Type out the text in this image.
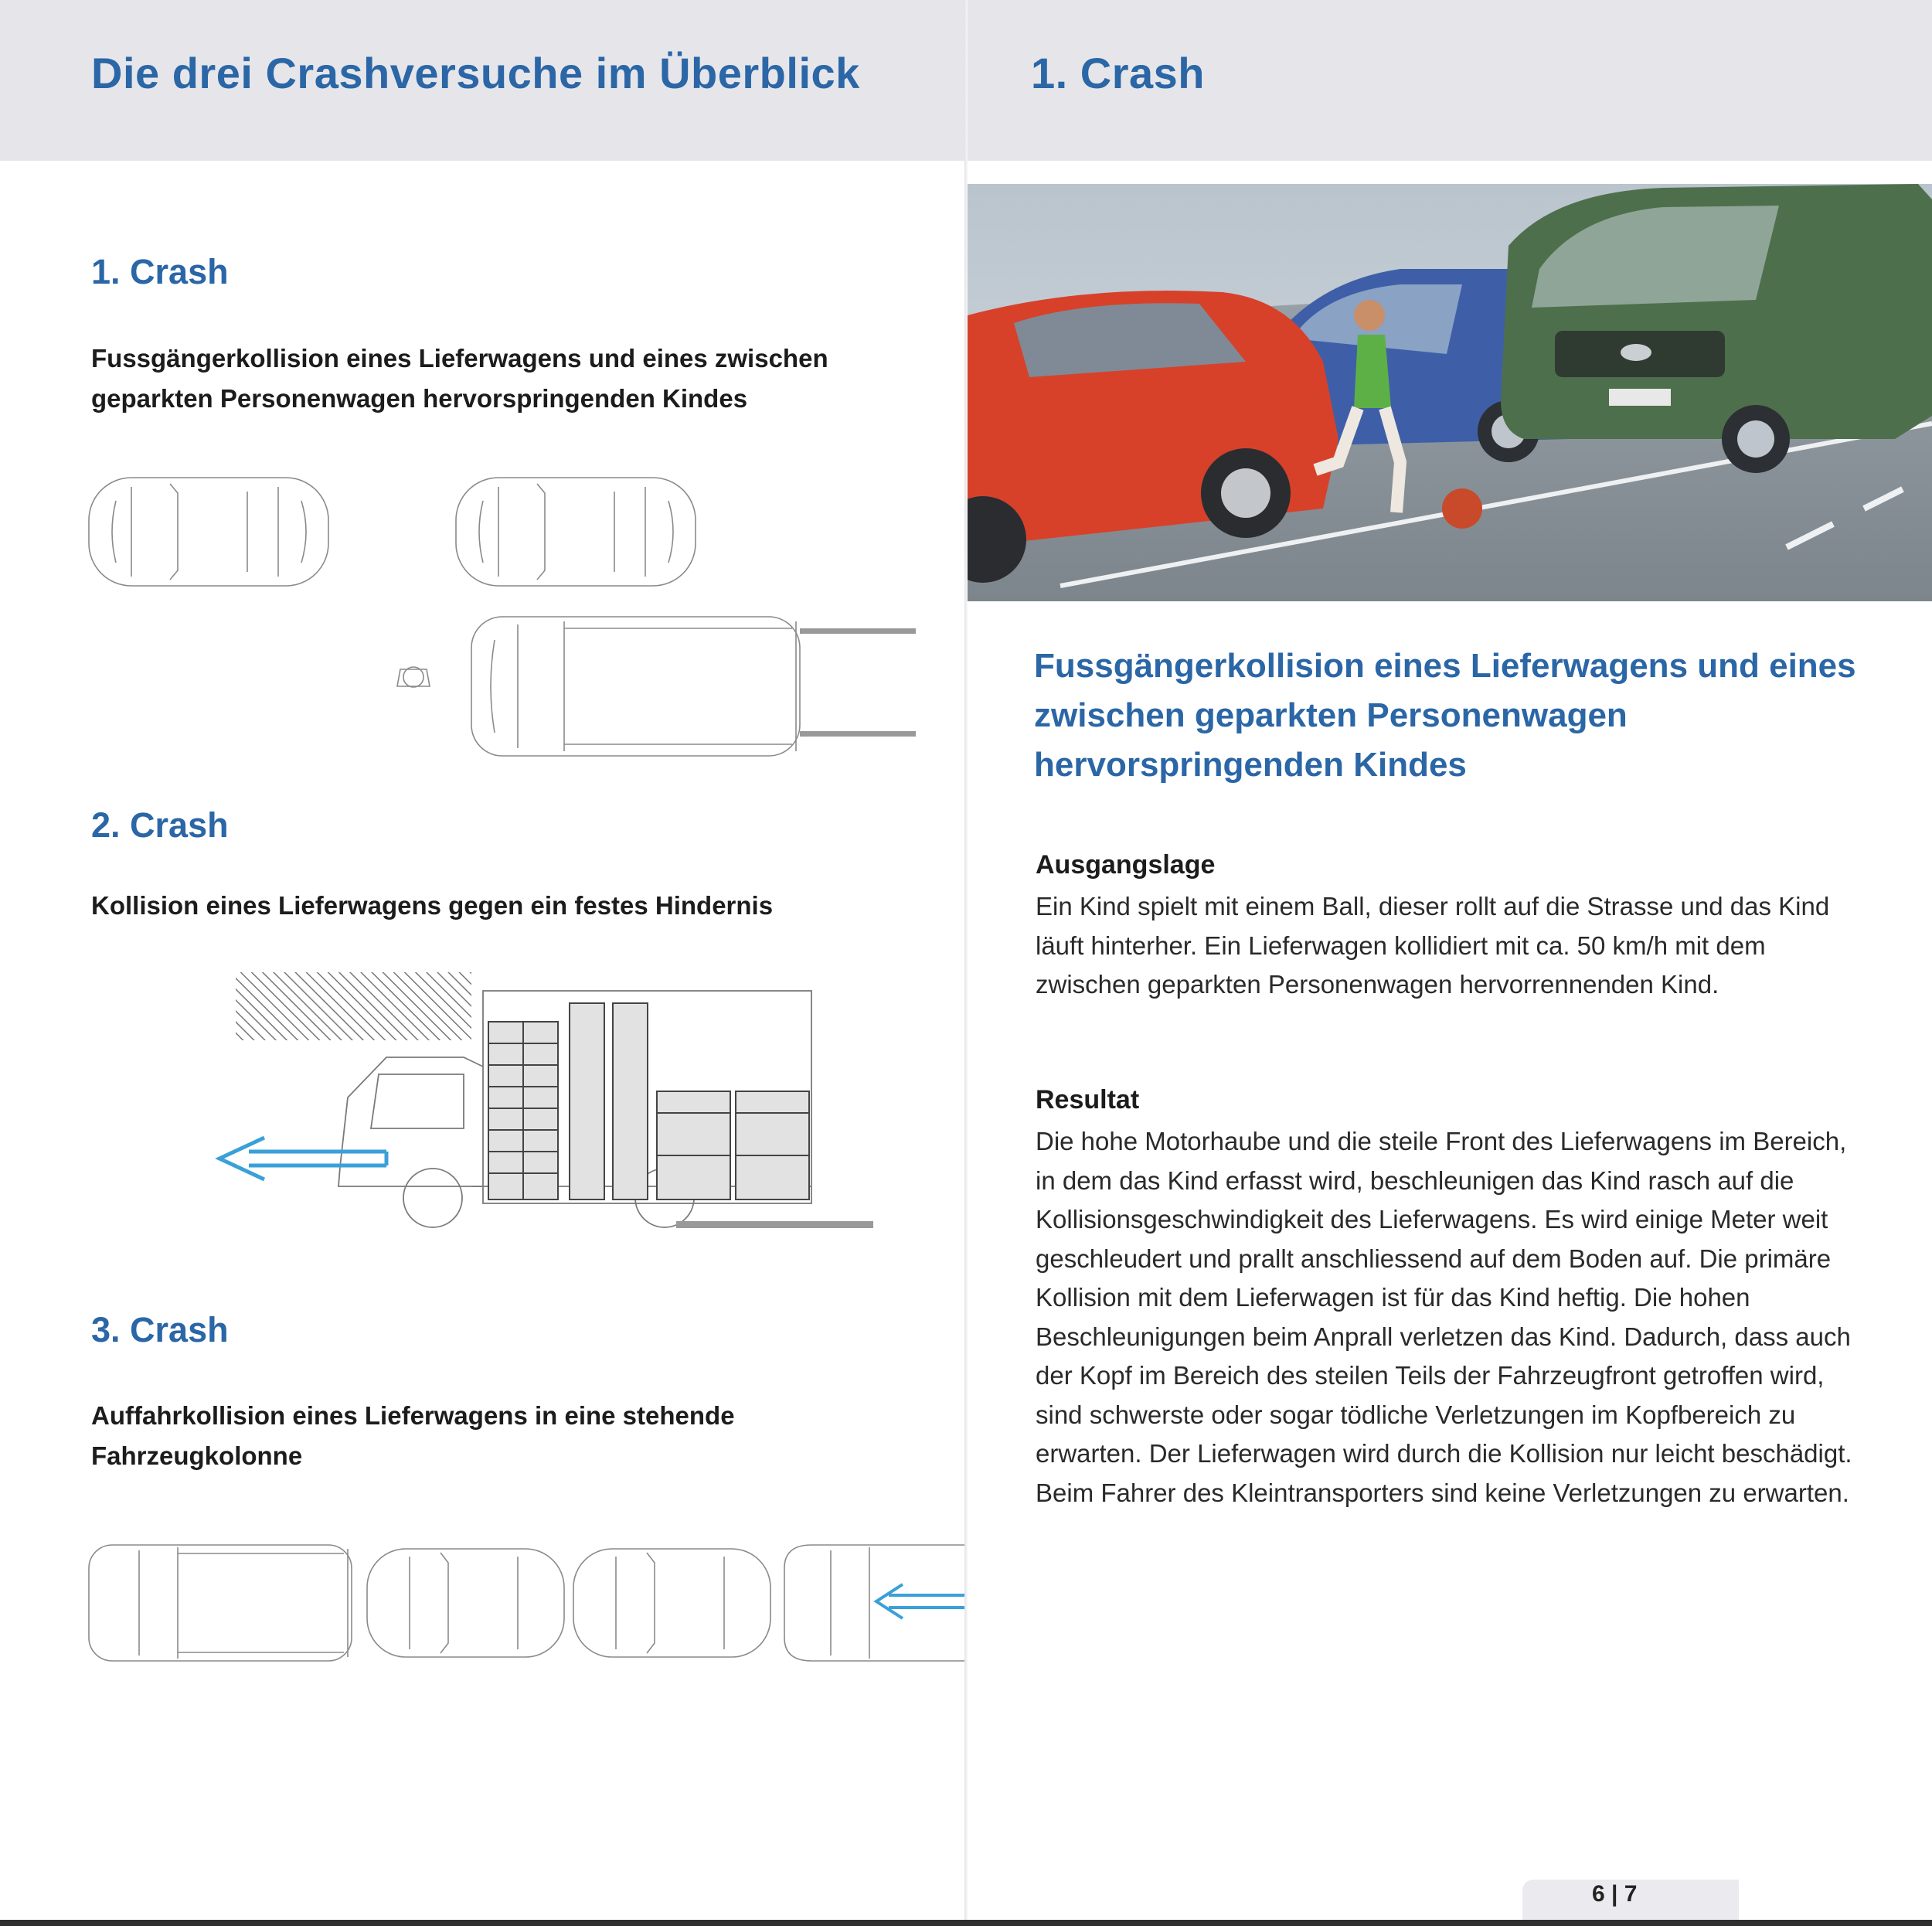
Die drei Crashversuche im Überblick
1. Crash
Fussgängerkollision eines Lieferwagens und eines zwischen geparkten Personenwagen hervorspringenden Kindes
2. Crash
Kollision eines Lieferwagens gegen ein festes Hindernis
3. Crash
Auffahrkollision eines Lieferwagens in eine stehende Fahrzeugkolonne
1. Crash
Fussgängerkollision eines Lieferwagens und eines zwischen geparkten Personenwagen hervorspringenden Kindes
Ausgangslage
Ein Kind spielt mit einem Ball, dieser rollt auf die Strasse und das Kind läuft hinterher. Ein Lieferwagen kollidiert mit ca. 50 km/h mit dem zwischen geparkten Personenwagen hervorrennenden Kind.
Resultat
Die hohe Motorhaube und die steile Front des Lieferwagens im Bereich, in dem das Kind erfasst wird, beschleunigen das Kind rasch auf die Kollisionsgeschwindigkeit des Lieferwagens. Es wird einige Meter weit geschleudert und prallt anschliessend auf dem Boden auf. Die primäre Kollision mit dem Lieferwagen ist für das Kind heftig. Die hohen Beschleunigungen beim Anprall verletzen das Kind. Dadurch, dass auch der Kopf im Bereich des steilen Teils der Fahrzeugfront getroffen wird, sind schwerste oder sogar tödliche Verletzungen im Kopfbereich zu erwarten. Der Lieferwagen wird durch die Kollision nur leicht beschädigt. Beim Fahrer des Kleintransporters sind keine Verletzungen zu erwarten.
6 | 7
